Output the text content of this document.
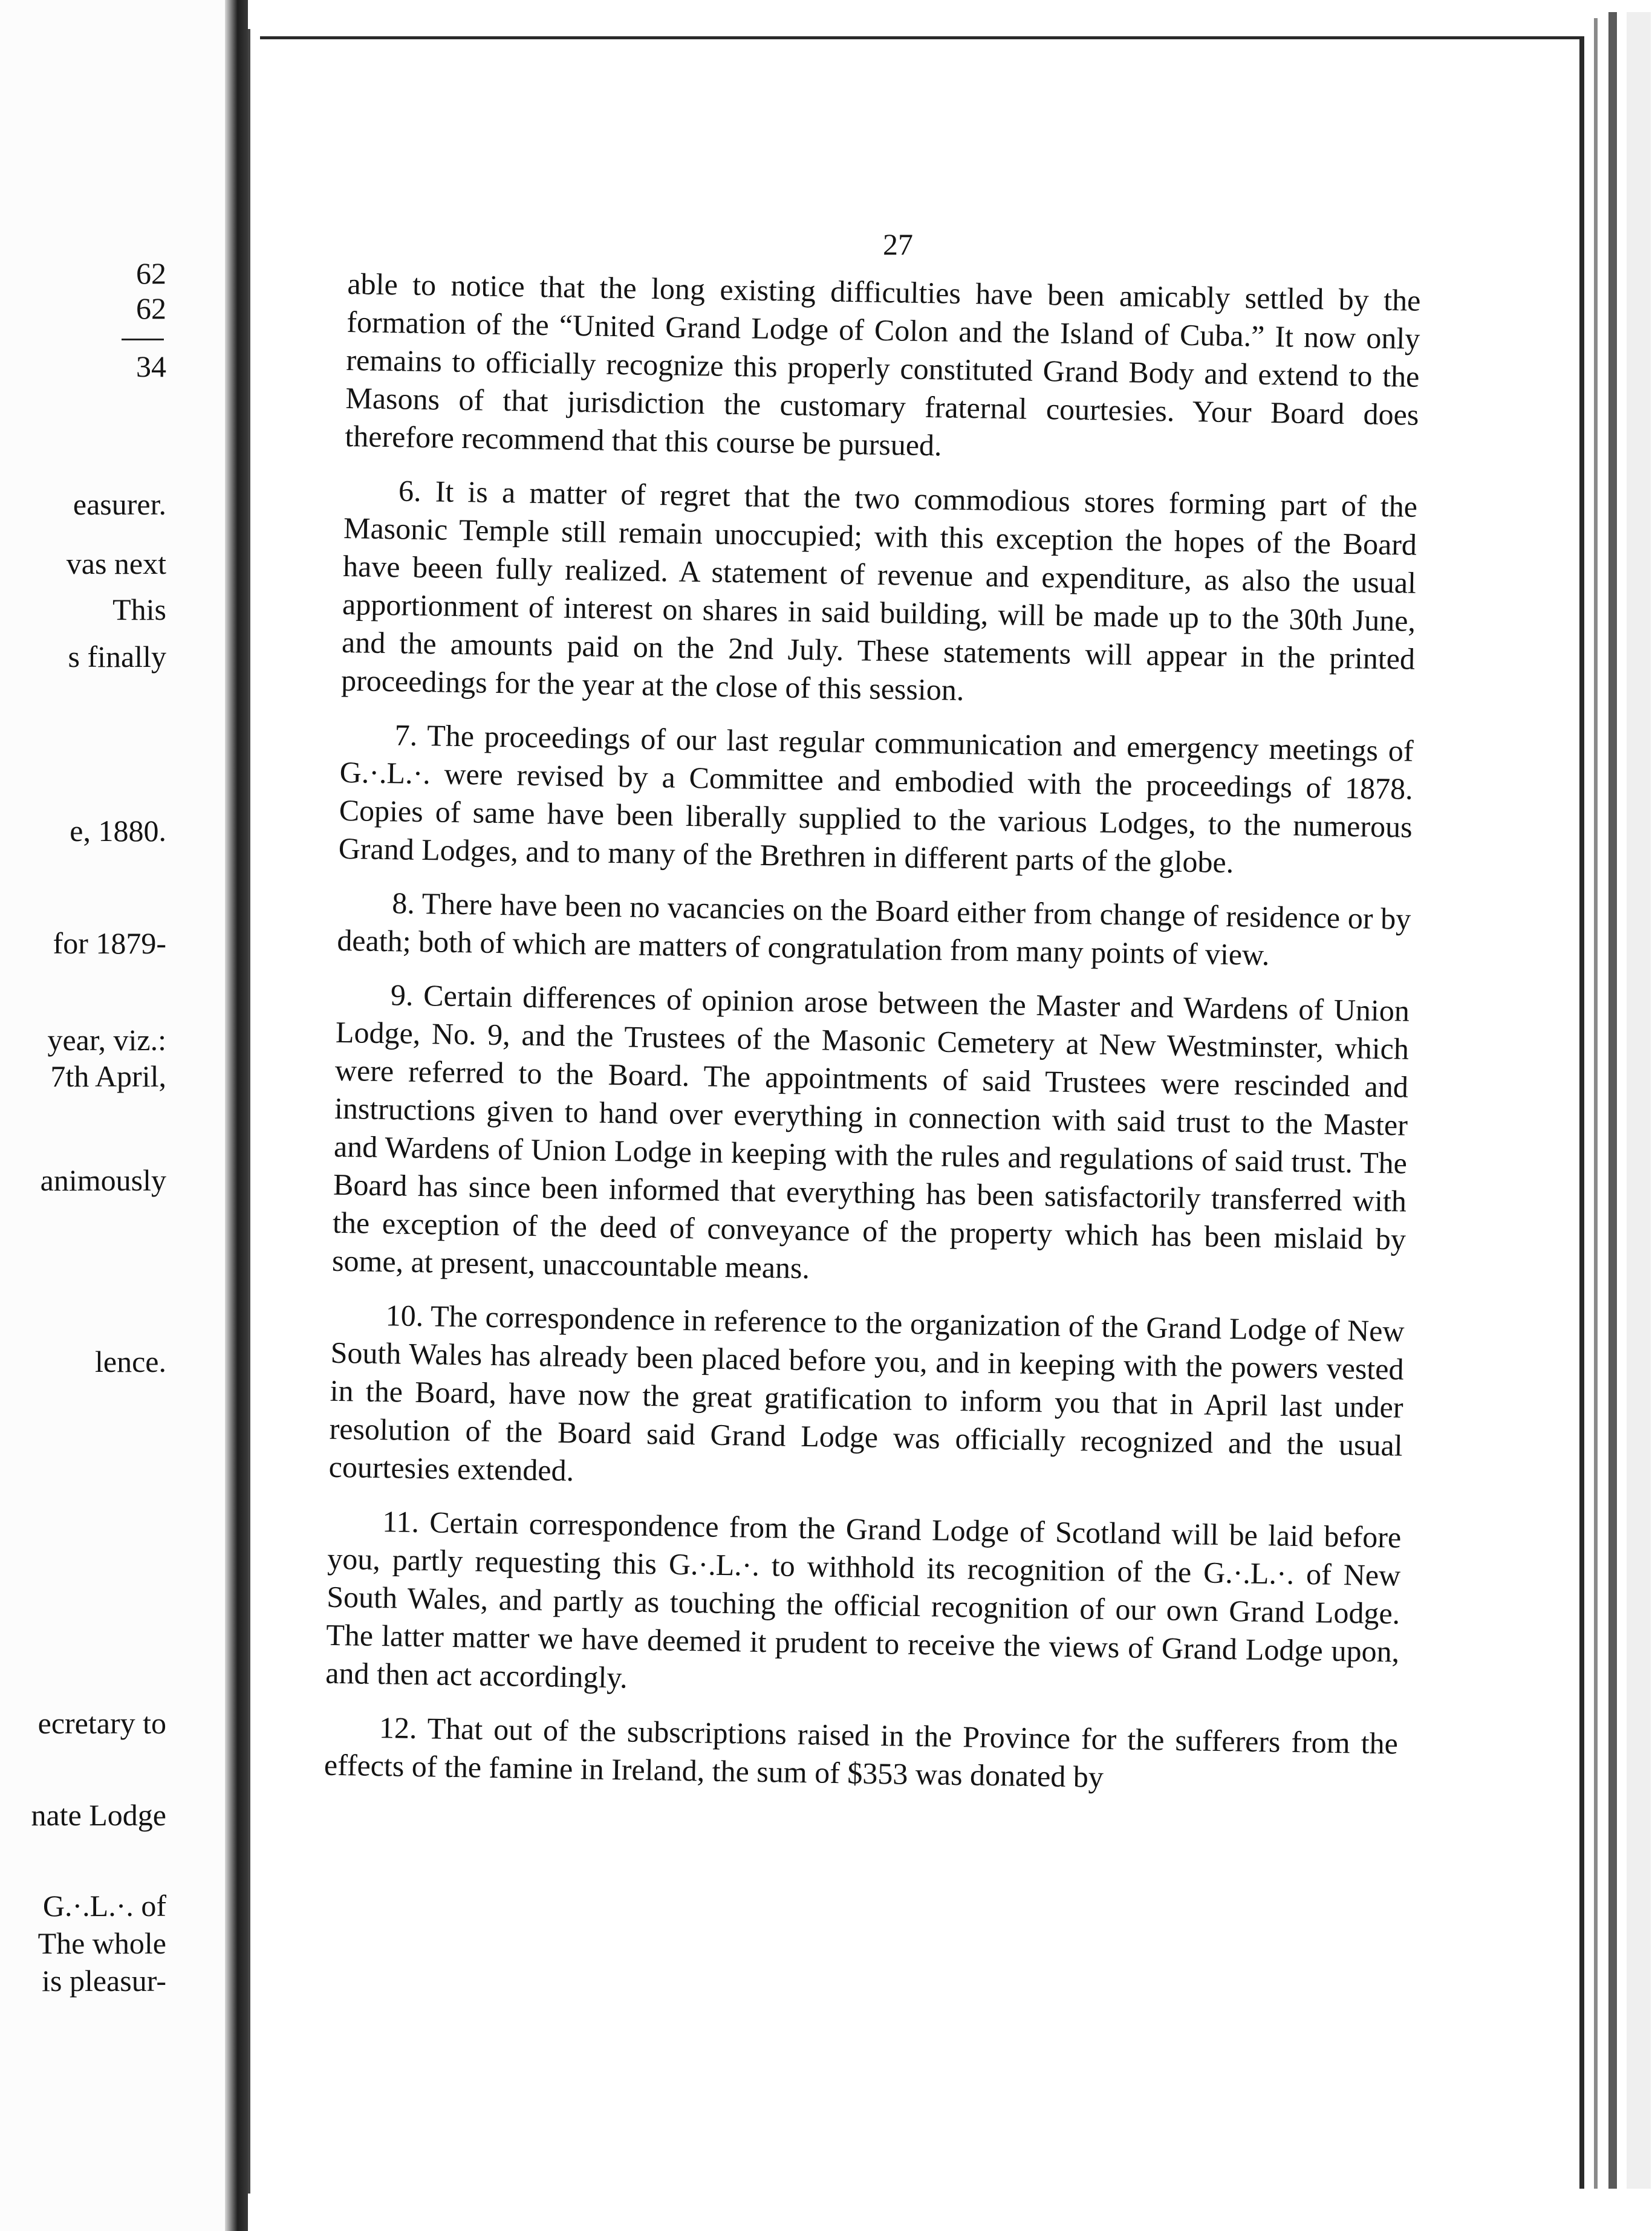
62
62
34
easurer.
vas next
This
s finally
e, 1880.
for 1879-
year, viz.:
7th April,
animously
lence.
ecretary to
nate Lodge
G.·.L.·. of
The whole
is pleasur-
27

able to notice that the long existing difficulties have been amicably settled by the formation of the “United Grand Lodge of Colon and the Island of Cuba.” It now only remains to officially recognize this properly constituted Grand Body and extend to the Masons of that jurisdiction the customary fraternal courtesies. Your Board does therefore recommend that this course be pursued.

6. It is a matter of regret that the two commodious stores forming part of the Masonic Temple still remain unoccupied; with this exception the hopes of the Board have beeen fully realized. A statement of revenue and expenditure, as also the usual apportionment of interest on shares in said building, will be made up to the 30th June, and the amounts paid on the 2nd July. These statements will appear in the printed proceedings for the year at the close of this session.

7. The proceedings of our last regular communication and emergency meetings of G.·.L.·. were revised by a Committee and embodied with the proceedings of 1878. Copies of same have been liberally supplied to the various Lodges, to the numerous Grand Lodges, and to many of the Brethren in different parts of the globe.

8. There have been no vacancies on the Board either from change of residence or by death; both of which are matters of congratulation from many points of view.

9. Certain differences of opinion arose between the Master and Wardens of Union Lodge, No. 9, and the Trustees of the Masonic Cemetery at New Westminster, which were referred to the Board. The appointments of said Trustees were rescinded and instructions given to hand over everything in connection with said trust to the Master and Wardens of Union Lodge in keeping with the rules and regulations of said trust. The Board has since been informed that everything has been satisfactorily transferred with the exception of the deed of conveyance of the property which has been mislaid by some, at present, unaccountable means.

10. The correspondence in reference to the organization of the Grand Lodge of New South Wales has already been placed before you, and in keeping with the powers vested in the Board, have now the great gratification to inform you that in April last under resolution of the Board said Grand Lodge was officially recognized and the usual courtesies extended.

11. Certain correspondence from the Grand Lodge of Scotland will be laid before you, partly requesting this G.·.L.·. to withhold its recognition of the G.·.L.·. of New South Wales, and partly as touching the official recognition of our own Grand Lodge. The latter matter we have deemed it prudent to receive the views of Grand Lodge upon, and then act accordingly.

12. That out of the subscriptions raised in the Province for the sufferers from the effects of the famine in Ireland, the sum of $353 was donated by
